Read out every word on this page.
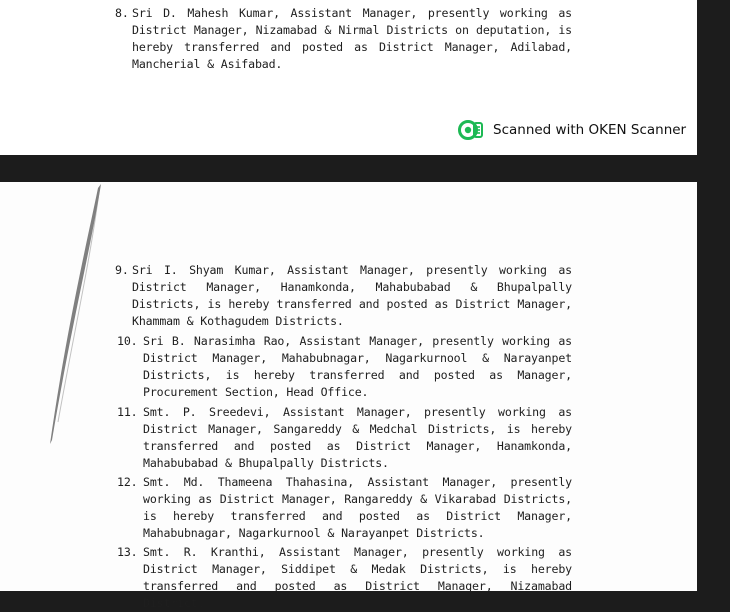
8. Sri D. Mahesh Kumar, Assistant Manager, presently working as District Manager, Nizamabad & Nirmal Districts on deputation, is hereby transferred and posted as District Manager, Adilabad, Mancherial & Asifabad.
Scanned with OKEN Scanner
9. Sri I. Shyam Kumar, Assistant Manager, presently working as District Manager, Hanamkonda, Mahabubabad & Bhupalpally Districts, is hereby transferred and posted as District Manager, Khammam & Kothagudem Districts.
10. Sri B. Narasimha Rao, Assistant Manager, presently working as District Manager, Mahabubnagar, Nagarkurnool & Narayanpet Districts, is hereby transferred and posted as Manager, Procurement Section, Head Office.
11. Smt. P. Sreedevi, Assistant Manager, presently working as District Manager, Sangareddy & Medchal Districts, is hereby transferred and posted as District Manager, Hanamkonda, Mahabubabad & Bhupalpally Districts.
12. Smt. Md. Thameena Thahasina, Assistant Manager, presently working as District Manager, Rangareddy & Vikarabad Districts, is hereby transferred and posted as District Manager, Mahabubnagar, Nagarkurnool & Narayanpet Districts.
13. Smt. R. Kranthi, Assistant Manager, presently working as District Manager, Siddipet & Medak Districts, is hereby transferred and posted as District Manager, Nizamabad District.
